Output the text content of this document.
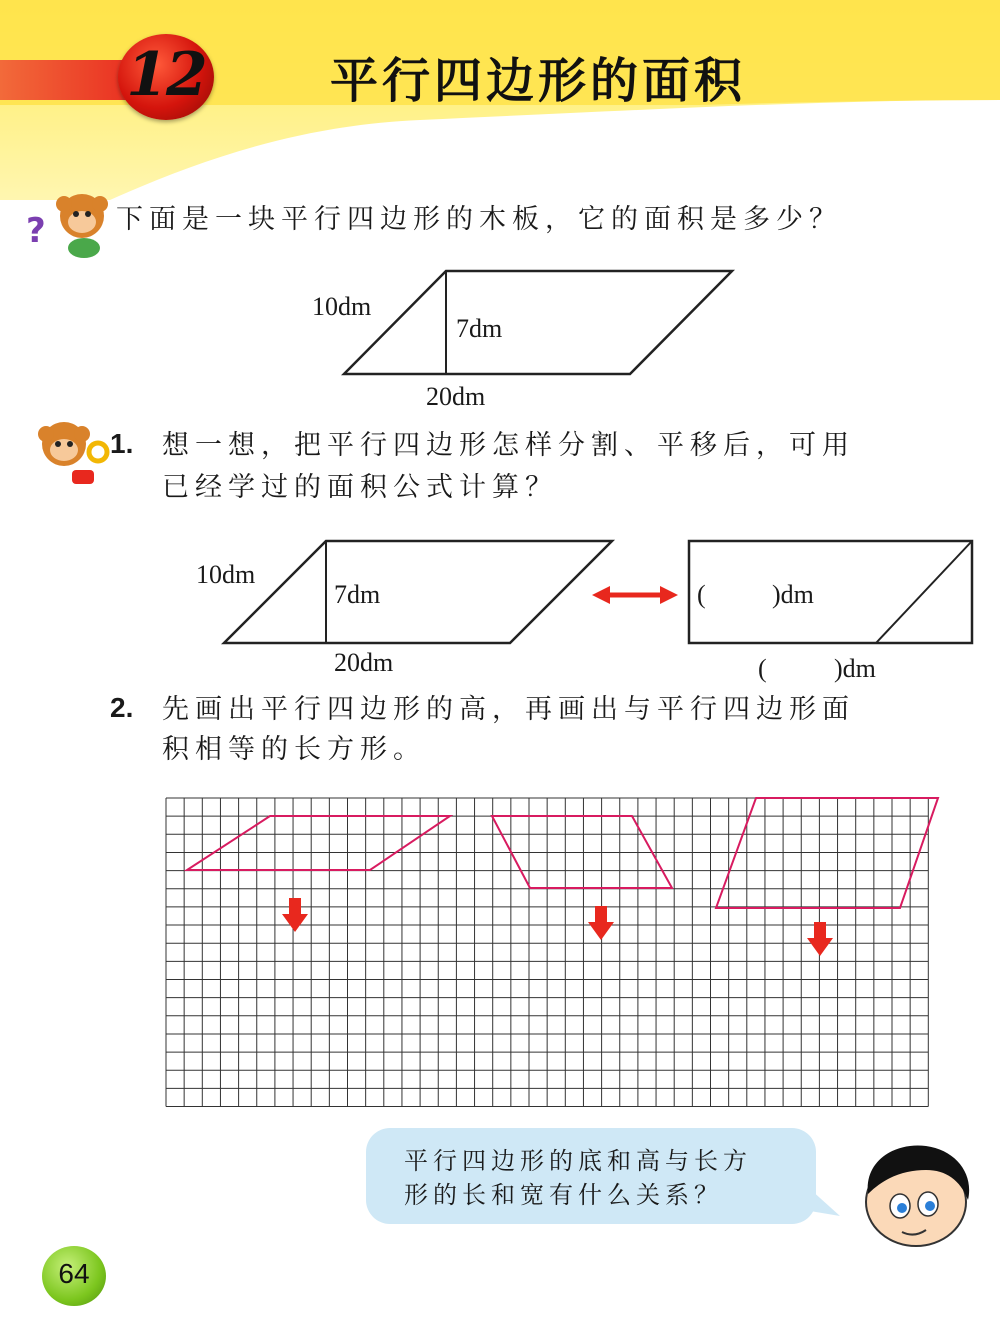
12	平行四边形的面积
?	下面是一块平行四边形的木板，它的面积是多少？
10dm
7dm
20dm
1. 想一想，把平行四边形怎样分割、平移后，可用
已经学过的面积公式计算？
10dm
7dm
20dm
(	)dm
(	)dm
2. 先画出平行四边形的高，再画出与平行四边形面
积相等的长方形。
平行四边形的底和高与长方
形的长和宽有什么关系？
64
